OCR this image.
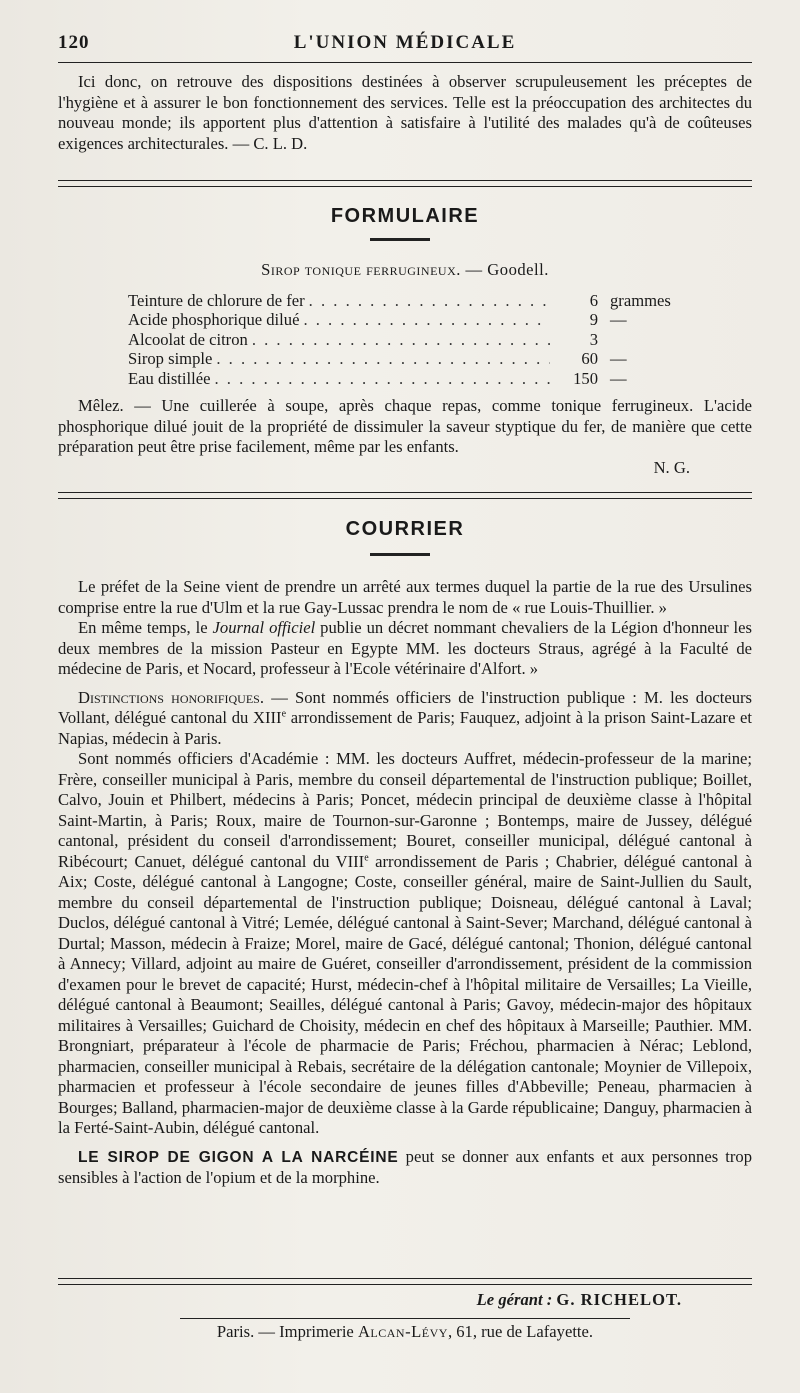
120	L'UNION MÉDICALE

Ici donc, on retrouve des dispositions destinées à observer scrupuleusement les préceptes de l'hygiène et à assurer le bon fonctionnement des services. Telle est la préoccupation des architectes du nouveau monde; ils apportent plus d'attention à satisfaire à l'utilité des malades qu'à de coûteuses exigences architecturales. — C. L. D.

FORMULAIRE
Sirop tonique ferrugineux. — Goodell.
Teinture de chlorure de fer . . .	6 grammes
Acide phosphorique dilué . . .	9 —
Alcoolat de citron . . .	3
Sirop simple . . .	60 —
Eau distillée . . .	150 —

Mêlez. — Une cuillerée à soupe, après chaque repas, comme tonique ferrugineux. L'acide phosphorique dilué jouit de la propriété de dissimuler la saveur styptique du fer, de manière que cette préparation peut être prise facilement, même par les enfants.

N. G.

COURRIER

Le préfet de la Seine vient de prendre un arrêté aux termes duquel la partie de la rue des Ursulines comprise entre la rue d'Ulm et la rue Gay-Lussac prendra le nom de « rue Louis-Thuillier. »

En même temps, le Journal officiel publie un décret nommant chevaliers de la Légion d'honneur les deux membres de la mission Pasteur en Egypte MM. les docteurs Straus, agrégé à la Faculté de médecine de Paris, et Nocard, professeur à l'Ecole vétérinaire d'Alfort. »

Distinctions honorifiques. — Sont nommés officiers de l'instruction publique : M. les docteurs Vollant, délégué cantonal du XIIIe arrondissement de Paris; Fauquez, adjoint à la prison Saint-Lazare et Napias, médecin à Paris.

Sont nommés officiers d'Académie : MM. les docteurs Auffret, médecin-professeur de la marine; Frère, conseiller municipal à Paris, membre du conseil départemental de l'instruction publique; Boillet, Calvo, Jouin et Philbert, médecins à Paris; Poncet, médecin principal de deuxième classe à l'hôpital Saint-Martin, à Paris; Roux, maire de Tournon-sur-Garonne ; Bontemps, maire de Jussey, délégué cantonal, président du conseil d'arrondissement; Bouret, conseiller municipal, délégué cantonal à Ribécourt; Canuet, délégué cantonal du VIIIe arrondissement de Paris ; Chabrier, délégué cantonal à Aix; Coste, délégué cantonal à Langogne; Coste, conseiller général, maire de Saint-Jullien du Sault, membre du conseil départemental de l'instruction publique; Doisneau, délégué cantonal à Laval; Duclos, délégué cantonal à Vitré; Lemée, délégué cantonal à Saint-Sever; Marchand, délégué cantonal à Durtal; Masson, médecin à Fraize; Morel, maire de Gacé, délégué cantonal; Thonion, délégué cantonal à Annecy; Villard, adjoint au maire de Guéret, conseiller d'arrondissement, président de la commission d'examen pour le brevet de capacité; Hurst, médecin-chef à l'hôpital militaire de Versailles; La Vieille, délégué cantonal à Beaumont; Seailles, délégué cantonal à Paris; Gavoy, médecin-major des hôpitaux militaires à Versailles; Guichard de Choisity, médecin en chef des hôpitaux à Marseille; Pauthier. MM. Brongniart, préparateur à l'école de pharmacie de Paris; Fréchou, pharmacien à Nérac; Leblond, pharmacien, conseiller municipal à Rebais, secrétaire de la délégation cantonale; Moynier de Villepoix, pharmacien et professeur à l'école secondaire de jeunes filles d'Abbeville; Peneau, pharmacien à Bourges; Balland, pharmacien-major de deuxième classe à la Garde républicaine; Danguy, pharmacien à la Ferté-Saint-Aubin, délégué cantonal.

LE SIROP DE GIGON A LA NARCÉINE peut se donner aux enfants et aux personnes trop sensibles à l'action de l'opium et de la morphine.

Le gérant : G. RICHELOT.
Paris. — Imprimerie Alcan-Lévy, 61, rue de Lafayette.
